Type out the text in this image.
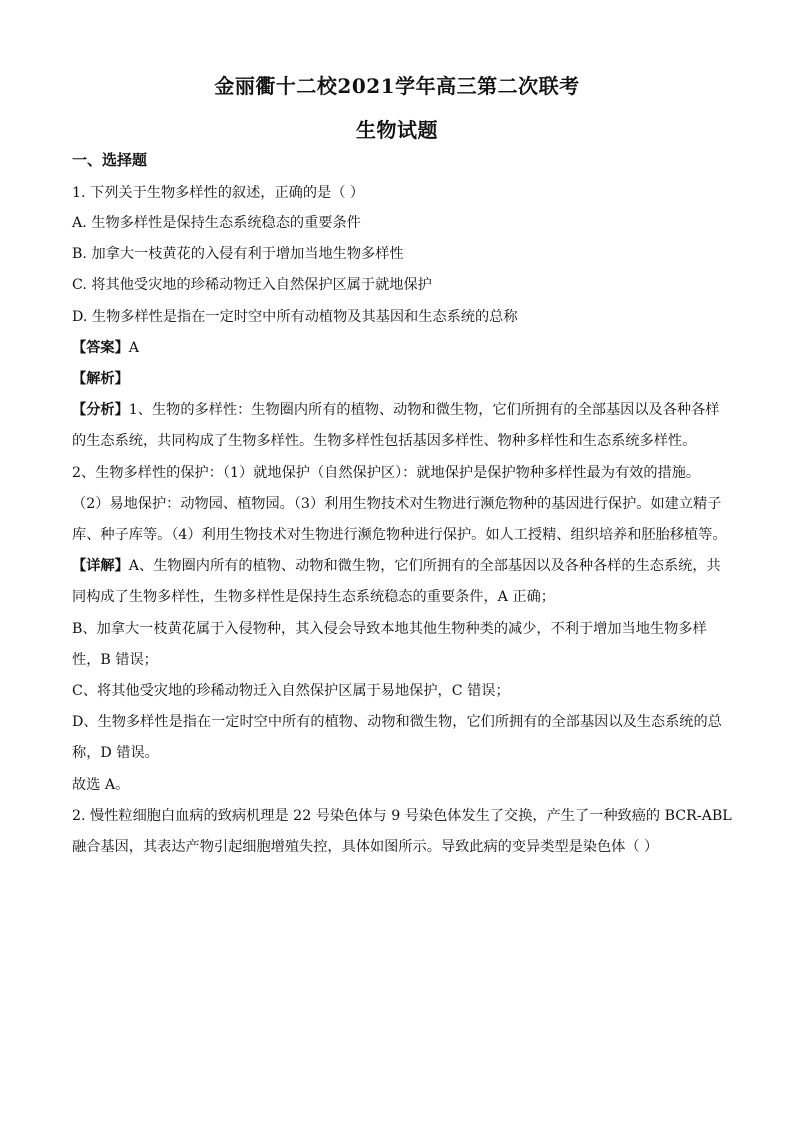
金丽衢十二校2021学年高三第二次联考
生物试题
一、选择题
1. 下列关于生物多样性的叙述，正确的是（ ）
A. 生物多样性是保持生态系统稳态的重要条件
B. 加拿大一枝黄花的入侵有利于增加当地生物多样性
C. 将其他受灾地的珍稀动物迁入自然保护区属于就地保护
D. 生物多样性是指在一定时空中所有动植物及其基因和生态系统的总称
【答案】A
【解析】
【分析】1、生物的多样性：生物圈内所有的植物、动物和微生物，它们所拥有的全部基因以及各种各样
的生态系统，共同构成了生物多样性。生物多样性包括基因多样性、物种多样性和生态系统多样性。
2、生物多样性的保护：（1）就地保护（自然保护区）：就地保护是保护物种多样性最为有效的措施。
（2）易地保护：动物园、植物园。（3）利用生物技术对生物进行濒危物种的基因进行保护。如建立精子
库、种子库等。（4）利用生物技术对生物进行濒危物种进行保护。如人工授精、组织培养和胚胎移植等。
【详解】A、生物圈内所有的植物、动物和微生物，它们所拥有的全部基因以及各种各样的生态系统，共
同构成了生物多样性，生物多样性是保持生态系统稳态的重要条件，A 正确；
B、加拿大一枝黄花属于入侵物种，其入侵会导致本地其他生物种类的减少，不利于增加当地生物多样
性，B 错误；
C、将其他受灾地的珍稀动物迁入自然保护区属于易地保护，C 错误；
D、生物多样性是指在一定时空中所有的植物、动物和微生物，它们所拥有的全部基因以及生态系统的总
称，D 错误。
故选 A。
2. 慢性粒细胞白血病的致病机理是 22 号染色体与 9 号染色体发生了交换，产生了一种致癌的 BCR-ABL
融合基因，其表达产物引起细胞增殖失控，具体如图所示。导致此病的变异类型是染色体（ ）
